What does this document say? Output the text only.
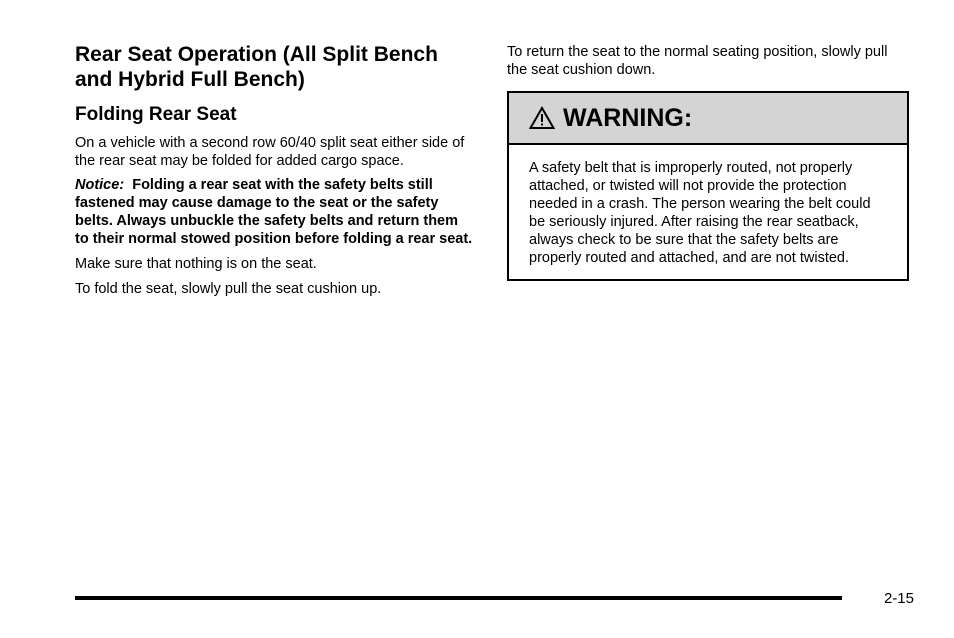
Rear Seat Operation (All Split Bench and Hybrid Full Bench)
Folding Rear Seat

On a vehicle with a second row 60/40 split seat either side of the rear seat may be folded for added cargo space.

Notice: Folding a rear seat with the safety belts still fastened may cause damage to the seat or the safety belts. Always unbuckle the safety belts and return them to their normal stowed position before folding a rear seat.

Make sure that nothing is on the seat.

To fold the seat, slowly pull the seat cushion up.

To return the seat to the normal seating position, slowly pull the seat cushion down.

WARNING:

A safety belt that is improperly routed, not properly attached, or twisted will not provide the protection needed in a crash. The person wearing the belt could be seriously injured. After raising the rear seatback, always check to be sure that the safety belts are properly routed and attached, and are not twisted.

2-15
